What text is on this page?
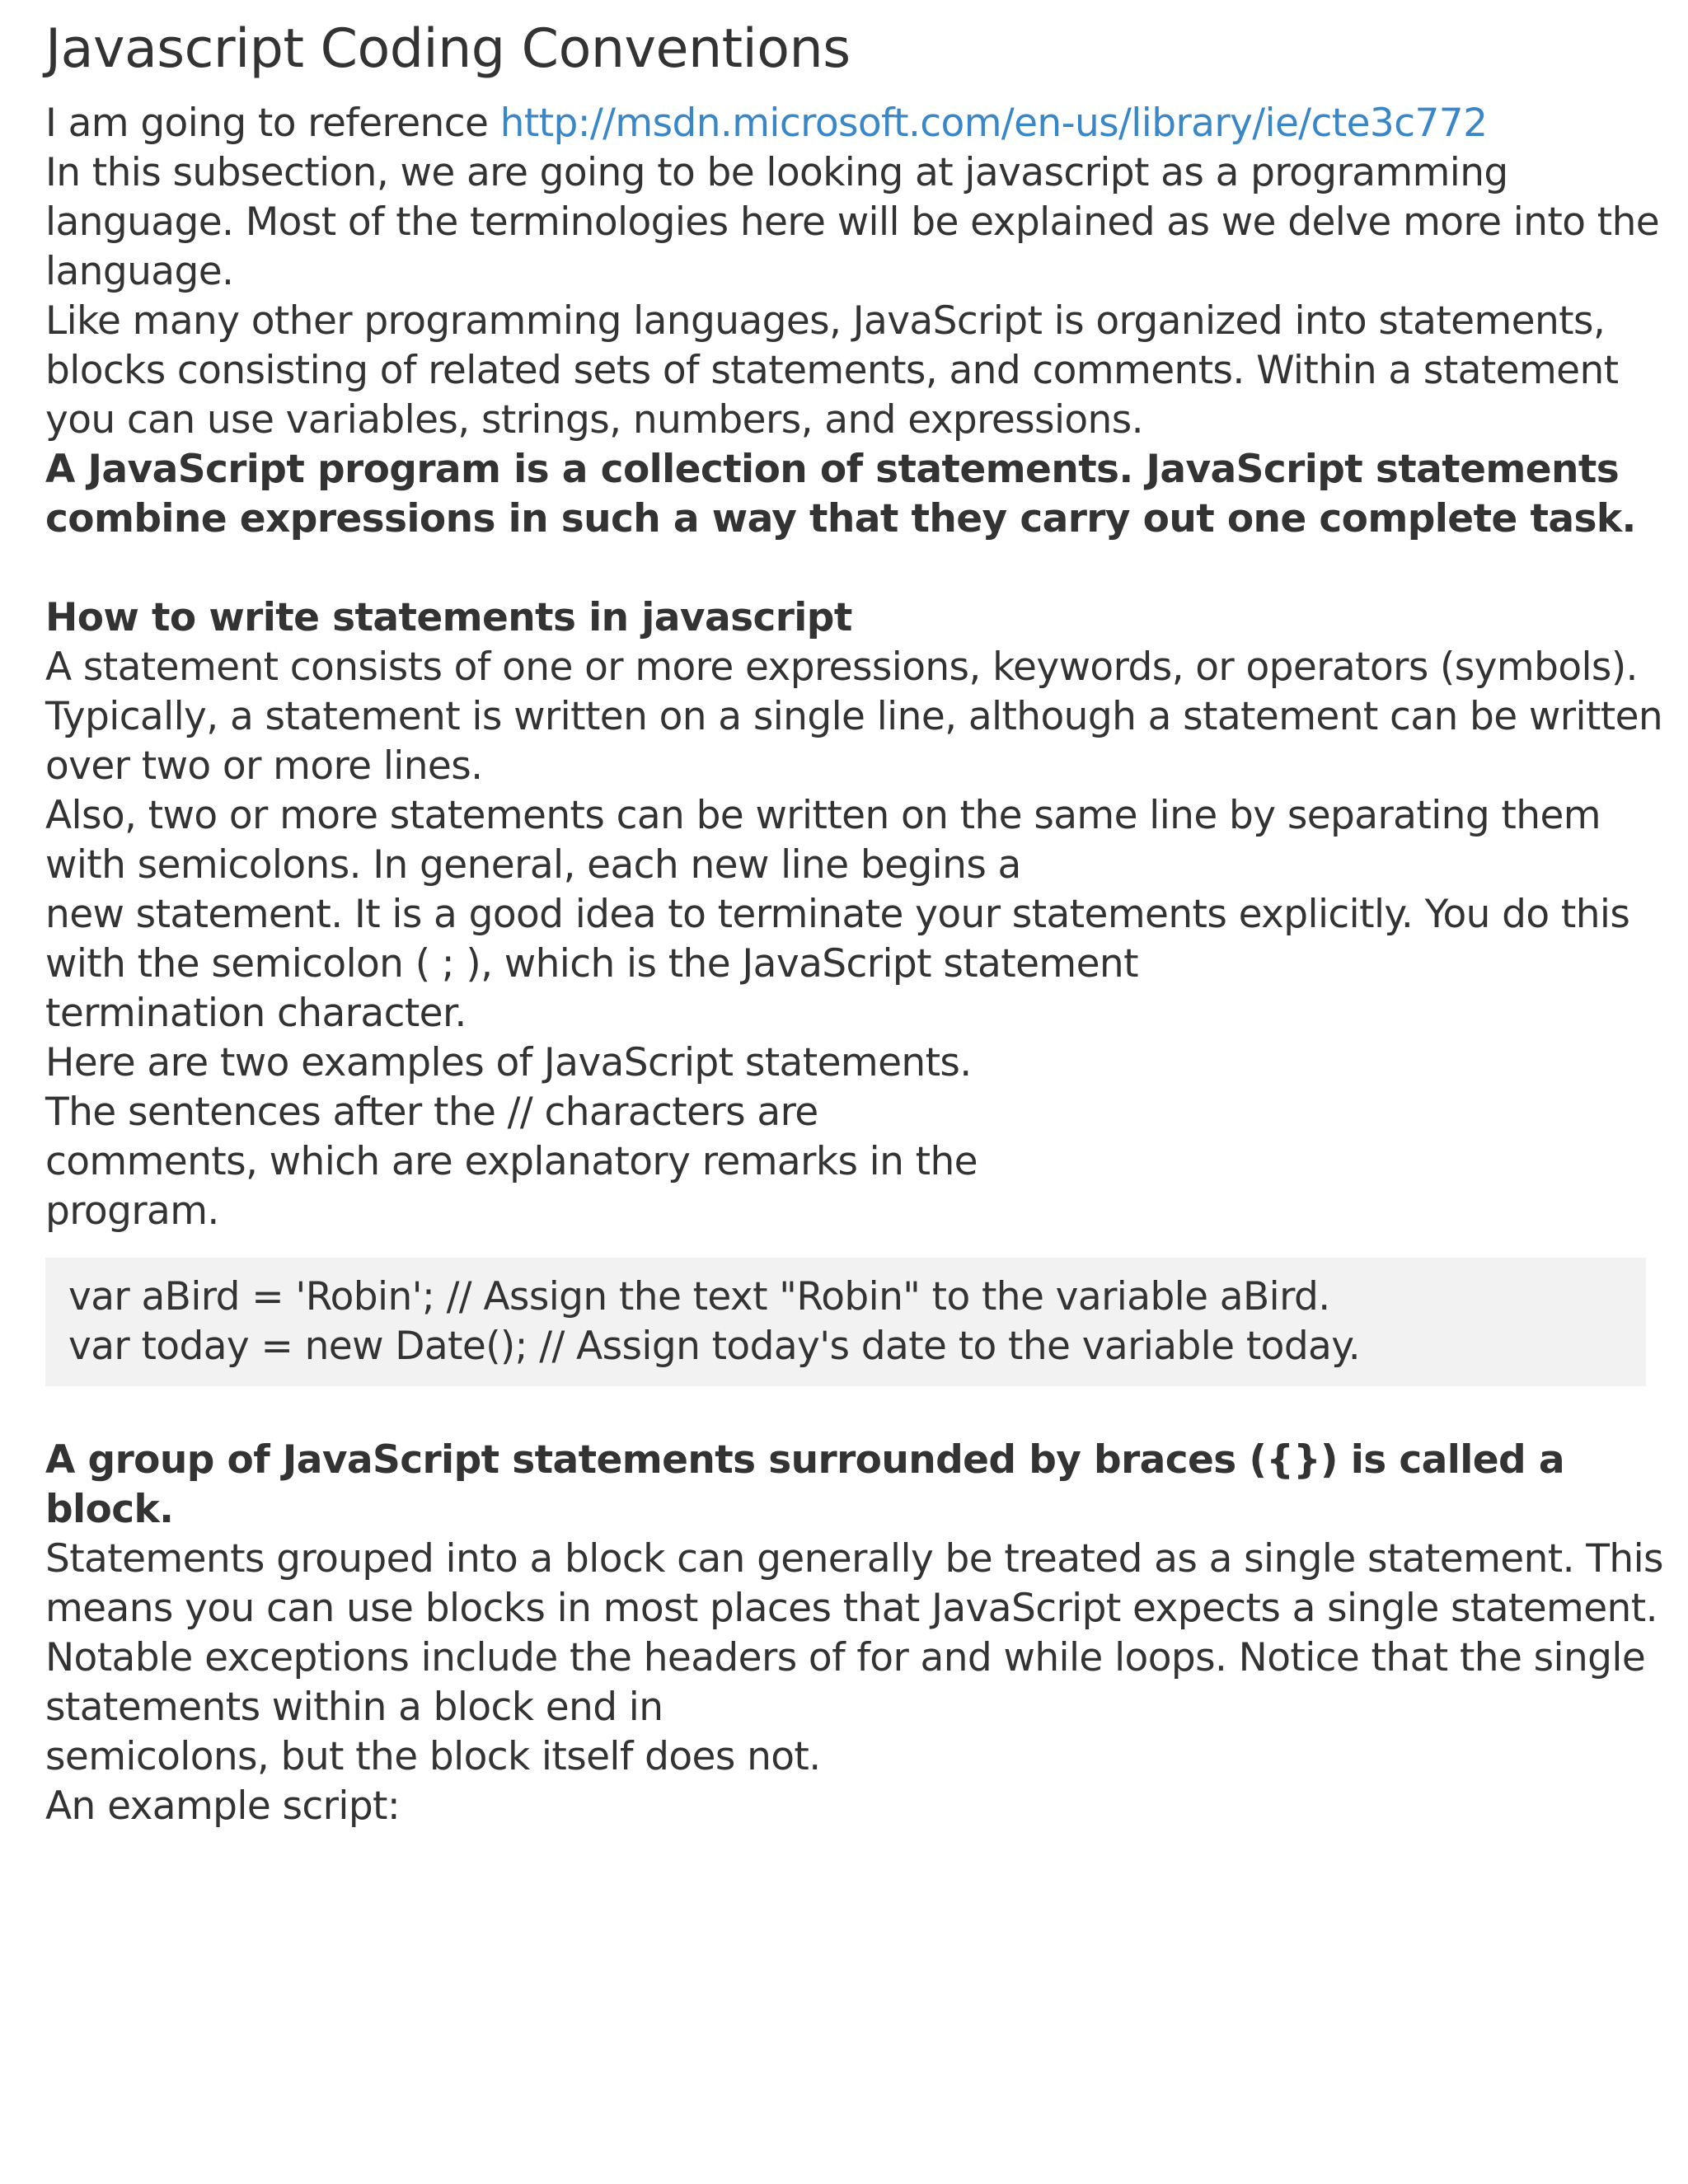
Javascript Coding Conventions
I am going to reference http://msdn.microsoft.com/en-us/library/ie/cte3c772
In this subsection, we are going to be looking at javascript as a programming
language. Most of the terminologies here will be explained as we delve more into the
language.
Like many other programming languages, JavaScript is organized into statements,
blocks consisting of related sets of statements, and comments. Within a statement
you can use variables, strings, numbers, and expressions.
A JavaScript program is a collection of statements. JavaScript statements
combine expressions in such a way that they carry out one complete task.
How to write statements in javascript
A statement consists of one or more expressions, keywords, or operators (symbols).
Typically, a statement is written on a single line, although a statement can be written
over two or more lines.
Also, two or more statements can be written on the same line by separating them
with semicolons. In general, each new line begins a
new statement. It is a good idea to terminate your statements explicitly. You do this
with the semicolon ( ; ), which is the JavaScript statement
termination character.
Here are two examples of JavaScript statements.
The sentences after the // characters are
comments, which are explanatory remarks in the
program.
var aBird = 'Robin'; // Assign the text "Robin" to the variable aBird.
var today = new Date(); // Assign today's date to the variable today.
A group of JavaScript statements surrounded by braces ({}) is called a
block.
Statements grouped into a block can generally be treated as a single statement. This
means you can use blocks in most places that JavaScript expects a single statement.
Notable exceptions include the headers of for and while loops. Notice that the single
statements within a block end in
semicolons, but the block itself does not.
An example script:
